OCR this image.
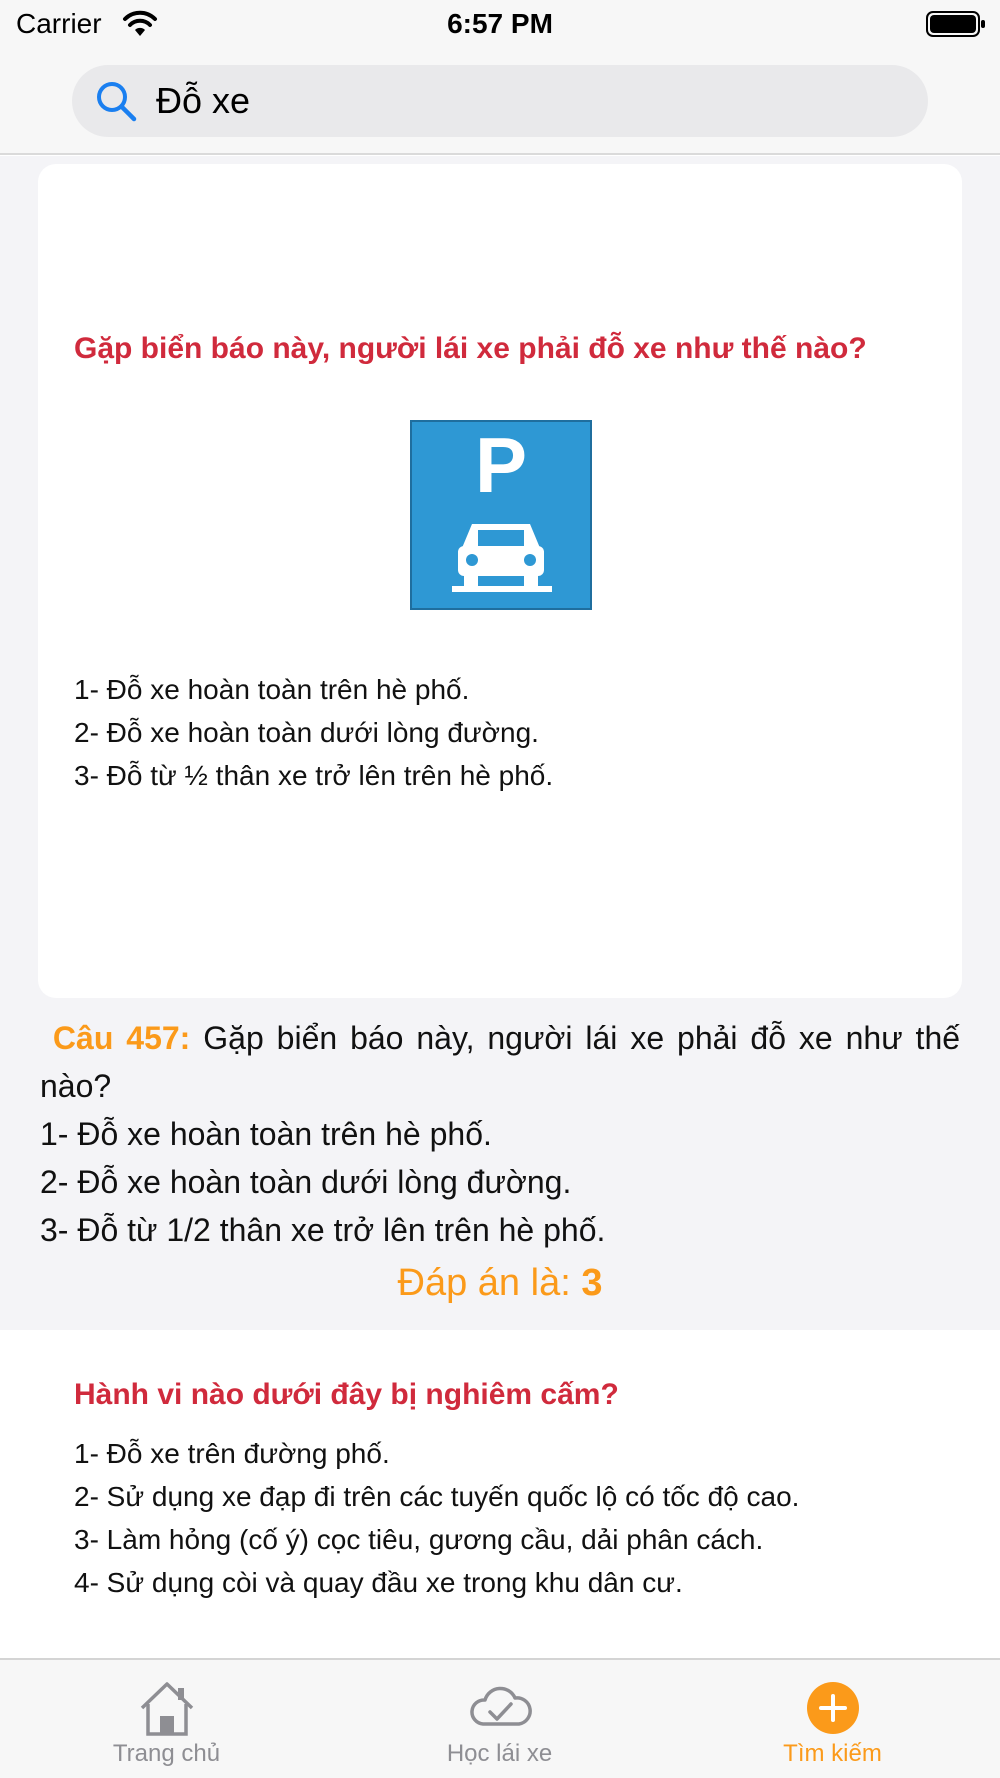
Carrier	6:57 PM
Đỗ xe
Gặp biển báo này, người lái xe phải đỗ xe như thế nào?
P
1- Đỗ xe hoàn toàn trên hè phố.
2- Đỗ xe hoàn toàn dưới lòng đường.
3- Đỗ từ ½ thân xe trở lên trên hè phố.
Câu 457: Gặp biển báo này, người lái xe phải đỗ xe như thế nào?
1- Đỗ xe hoàn toàn trên hè phố.
2- Đỗ xe hoàn toàn dưới lòng đường.
3- Đỗ từ 1/2 thân xe trở lên trên hè phố.
Đáp án là: 3
Hành vi nào dưới đây bị nghiêm cấm?
1- Đỗ xe trên đường phố.
2- Sử dụng xe đạp đi trên các tuyến quốc lộ có tốc độ cao.
3- Làm hỏng (cố ý) cọc tiêu, gương cầu, dải phân cách.
4- Sử dụng còi và quay đầu xe trong khu dân cư.
Trang chủ	Học lái xe	Tìm kiếm
